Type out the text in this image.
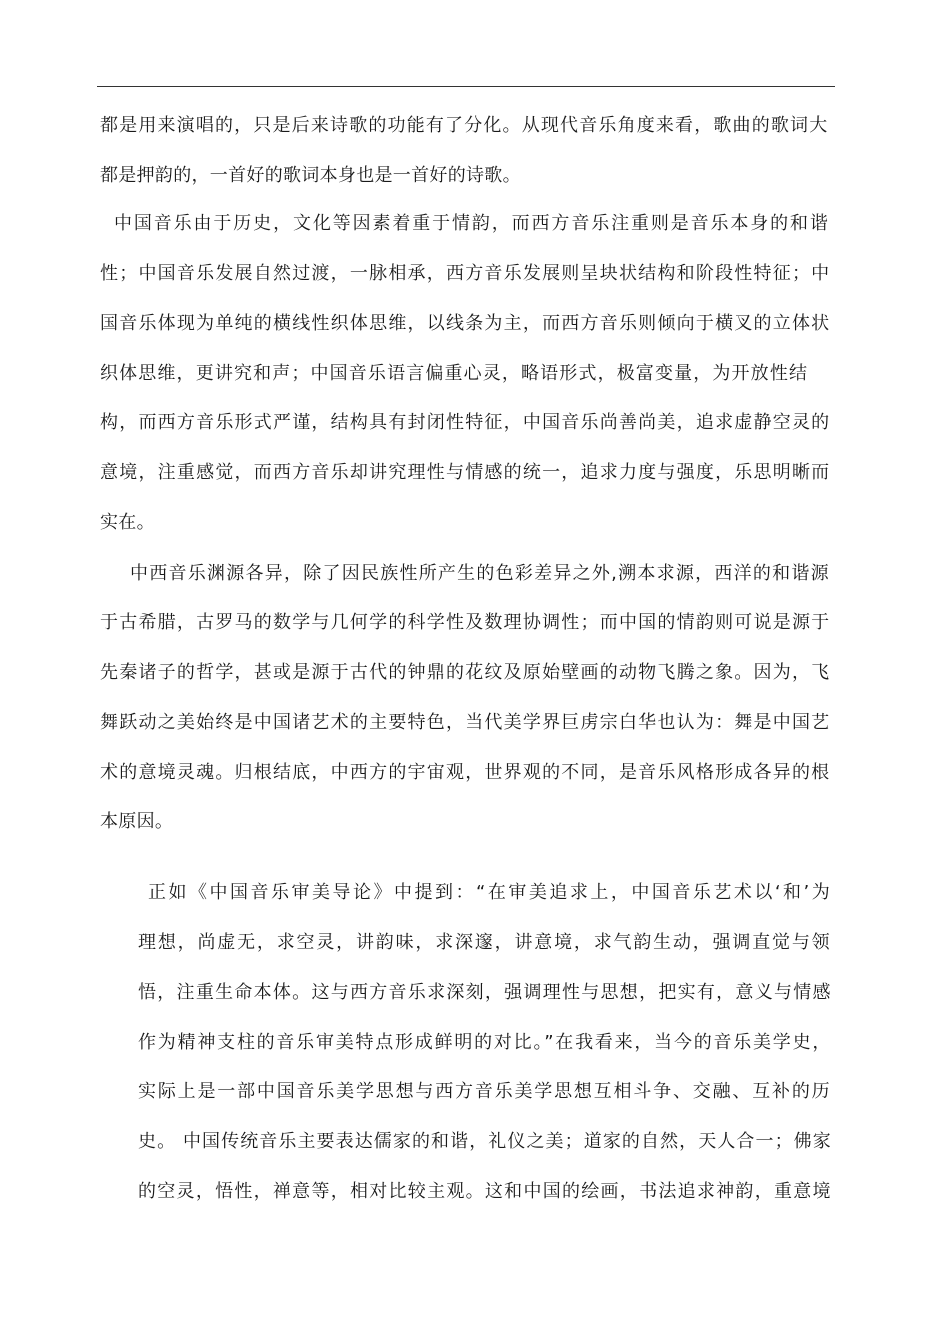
都是用来演唱的，只是后来诗歌的功能有了分化。从现代音乐角度来看，歌曲的歌词大
都是押韵的，一首好的歌词本身也是一首好的诗歌。
中国音乐由于历史，文化等因素着重于情韵，而西方音乐注重则是音乐本身的和谐
性；中国音乐发展自然过渡，一脉相承，西方音乐发展则呈块状结构和阶段性特征；中
国音乐体现为单纯的横线性织体思维，以线条为主，而西方音乐则倾向于横叉的立体状
织体思维，更讲究和声；中国音乐语言偏重心灵，略语形式，极富变量，为开放性结
构，而西方音乐形式严谨，结构具有封闭性特征，中国音乐尚善尚美，追求虚静空灵的
意境，注重感觉，而西方音乐却讲究理性与情感的统一，追求力度与强度，乐思明晰而
实在。
中西音乐渊源各异，除了因民族性所产生的色彩差异之外,溯本求源，西洋的和谐源
于古希腊，古罗马的数学与几何学的科学性及数理协调性；而中国的情韵则可说是源于
先秦诸子的哲学，甚或是源于古代的钟鼎的花纹及原始壁画的动物飞腾之象。因为，飞
舞跃动之美始终是中国诸艺术的主要特色，当代美学界巨虏宗白华也认为：舞是中国艺
术的意境灵魂。归根结底，中西方的宇宙观，世界观的不同，是音乐风格形成各异的根
本原因。
正如《中国音乐审美导论》中提到：“在审美追求上，中国音乐艺术以‘和’为
理想，尚虚无，求空灵，讲韵味，求深邃，讲意境，求气韵生动，强调直觉与领
悟，注重生命本体。这与西方音乐求深刻，强调理性与思想，把实有，意义与情感
作为精神支柱的音乐审美特点形成鲜明的对比。”在我看来，当今的音乐美学史，
实际上是一部中国音乐美学思想与西方音乐美学思想互相斗争、交融、互补的历
史。 中国传统音乐主要表达儒家的和谐，礼仪之美；道家的自然，天人合一；佛家
的空灵，悟性，禅意等，相对比较主观。这和中国的绘画，书法追求神韵，重意境
